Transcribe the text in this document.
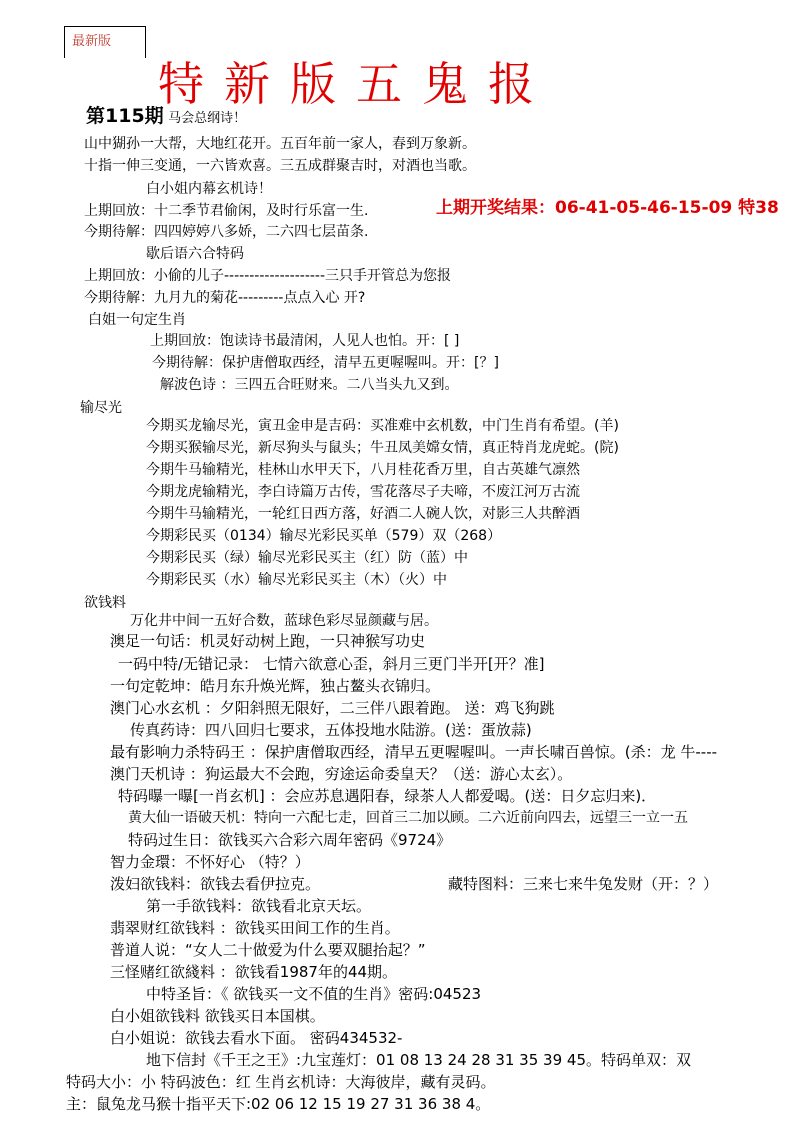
最新版
特新版五鬼报
第115期 马会总纲诗！
山中猢孙一大帮，大地红花开。五百年前一家人，春到万象新。
十指一伸三变通，一六皆欢喜。三五成群聚吉时，对酒也当歌。
白小姐内幕玄机诗！
上期回放：十二季节君偷闲，及时行乐富一生.	上期开奖结果：06-41-05-46-15-09 特38
今期待解：四四婷婷八多娇，二六四七层苗条.
歇后语六合特码
上期回放：小偷的儿子--------------------三只手开管总为您报
今期待解：九月九的菊花---------点点入心 开?
白姐一句定生肖
上期回放：饱读诗书最清闲，人见人也怕。开：[ ]
今期待解：保护唐僧取西经，清早五更喔喔叫。开：[？]
解波色诗 ：三四五合旺财来。二八当头九又到。
输尽光
今期买龙输尽光，寅丑金申是吉码：买准难中玄机数，中门生肖有希望。(羊)
今期买猴输尽光，新尽狗头与鼠头；牛丑凤美嫦女情，真正特肖龙虎蛇。(院)
今期牛马输精光，桂林山水甲天下，八月桂花香万里，自古英雄气凛然
今期龙虎输精光，李白诗篇万古传，雪花落尽子夫啼，不废江河万古流
今期牛马输精光，一轮红日西方落，好酒二人碗人饮，对影三人共醉酒
今期彩民买（0134）输尽光彩民买单（579）双（268）
今期彩民买（绿）输尽光彩民买主（红）防（蓝）中
今期彩民买（水）输尽光彩民买主（木）（火）中
欲钱料
万化井中间一五好合数，蓝球色彩尽显颜藏与居。
澳足一句话：机灵好动树上跑，一只神猴写功史
一码中特/无错记录： 七情六欲意心歪，斜月三更门半开[开？准]
一句定乾坤：皓月东升焕光辉，独占鳌头衣锦归。
澳门心水玄机 ：夕阳斜照无限好，二三伴八跟着跑。 送：鸡飞狗跳
传真药诗：四八回归七要求，五体投地水陆游。(送：蛋放蒜)
最有影响力杀特码王 ：保护唐僧取西经，清早五更喔喔叫。一声长啸百兽惊。(杀：龙 牛----
澳门天机诗 ：狗运最大不会跑，穷途运命委皇天？（送：游心太玄）。
特码曝一曝[一肖玄机] ：会应苏息遇阳春，绿茶人人都爱喝。(送：日夕忘归来)．
黄大仙一语破天机：特向一六配七走，回首三二加以顾。二六近前向四去，远望三一立一五
特码过生日：欲钱买六合彩六周年密码《9724》
智力金環：不怀好心 （特？）
泼妇欲钱料：欲钱去看伊拉克。	藏特图料：三来七来牛兔发财（开：？）
第一手欲钱料：欲钱看北京天坛。
翡翠财红欲钱料 ：欲钱买田间工作的生肖。
普道人说：“女人二十做爱为什么要双腿抬起？”
三怪赌红欲綫料 ：欲钱看1987年的44期。
中特圣旨：《 欲钱买一文不值的生肖》密码:04523
白小姐欲钱料 欲钱买日本国棋。
白小姐说：欲钱去看水下面。 密码434532-
地下信封《千王之王》:九宝莲灯：01 08 13 24 28 31 35 39 45。特码单双：双
特码大小：小 特码波色：红 生肖玄机诗：大海彼岸，藏有灵码。
主：鼠兔龙马猴十指平天下:02 06 12 15 19 27 31 36 38 4。
